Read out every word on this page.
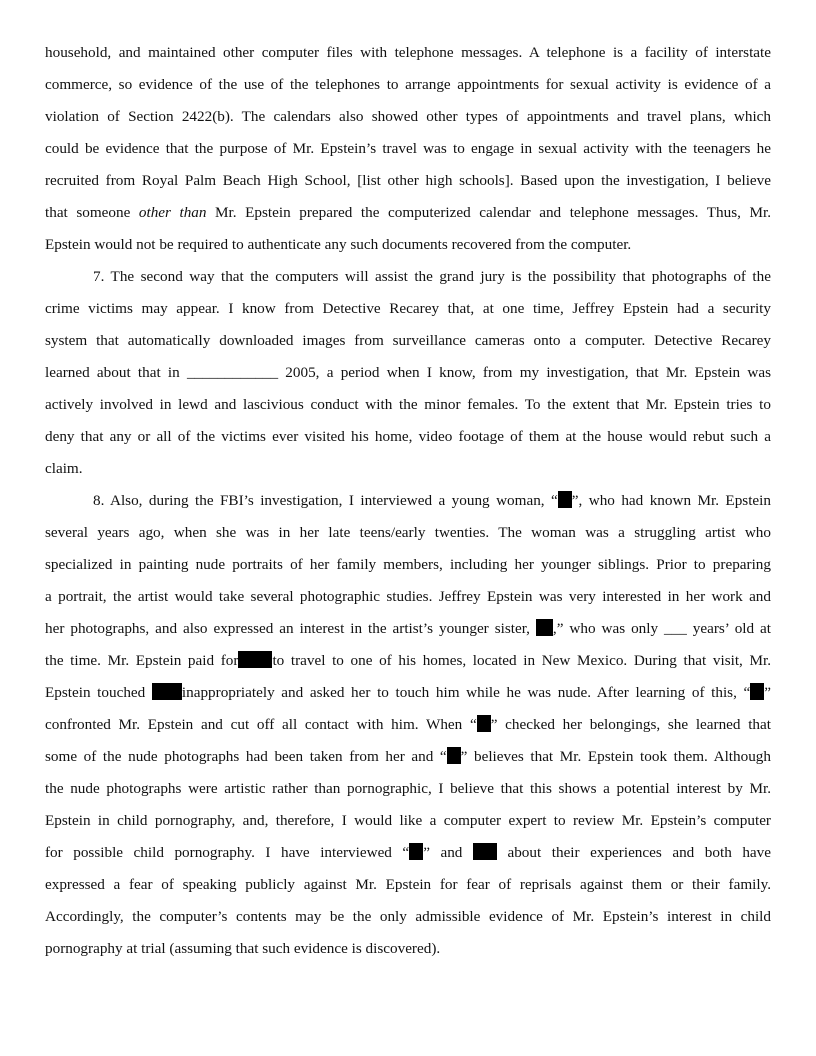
household, and maintained other computer files with telephone messages. A telephone is a facility of interstate
commerce, so evidence of the use of the telephones to arrange appointments for sexual activity is evidence of a
violation of Section 2422(b). The calendars also showed other types of appointments and travel plans, which
could be evidence that the purpose of Mr. Epstein’s travel was to engage in sexual activity with the teenagers he
recruited from Royal Palm Beach High School, [list other high schools]. Based upon the investigation, I believe
that someone other than Mr. Epstein prepared the computerized calendar and telephone messages. Thus, Mr.
Epstein would not be required to authenticate any such documents recovered from the computer.
7. The second way that the computers will assist the grand jury is the possibility that photographs of the
crime victims may appear. I know from Detective Recarey that, at one time, Jeffrey Epstein had a security
system that automatically downloaded images from surveillance cameras onto a computer. Detective Recarey
learned about that in ____________ 2005, a period when I know, from my investigation, that Mr. Epstein was
actively involved in lewd and lascivious conduct with the minor females. To the extent that Mr. Epstein tries to
deny that any or all of the victims ever visited his home, video footage of them at the house would rebut such a
claim.
8. Also, during the FBI’s investigation, I interviewed a young woman, “ ”, who had known Mr. Epstein
several years ago, when she was in her late teens/early twenties. The woman was a struggling artist who
specialized in painting nude portraits of her family members, including her younger siblings. Prior to preparing
a portrait, the artist would take several photographic studies. Jeffrey Epstein was very interested in her work and
her photographs, and also expressed an interest in the artist’s younger sister, ,” who was only ___ years’ old at
the time. Mr. Epstein paid for to travel to one of his homes, located in New Mexico. During that visit, Mr.
Epstein touched inappropriately and asked her to touch him while he was nude. After learning of this, “ ”
confronted Mr. Epstein and cut off all contact with him. When “ ” checked her belongings, she learned that
some of the nude photographs had been taken from her and “ ” believes that Mr. Epstein took them. Although
the nude photographs were artistic rather than pornographic, I believe that this shows a potential interest by Mr.
Epstein in child pornography, and, therefore, I would like a computer expert to review Mr. Epstein’s computer
for possible child pornography. I have interviewed “ ” and  about their experiences and both have
expressed a fear of speaking publicly against Mr. Epstein for fear of reprisals against them or their family.
Accordingly, the computer’s contents may be the only admissible evidence of Mr. Epstein’s interest in child
pornography at trial (assuming that such evidence is discovered).
